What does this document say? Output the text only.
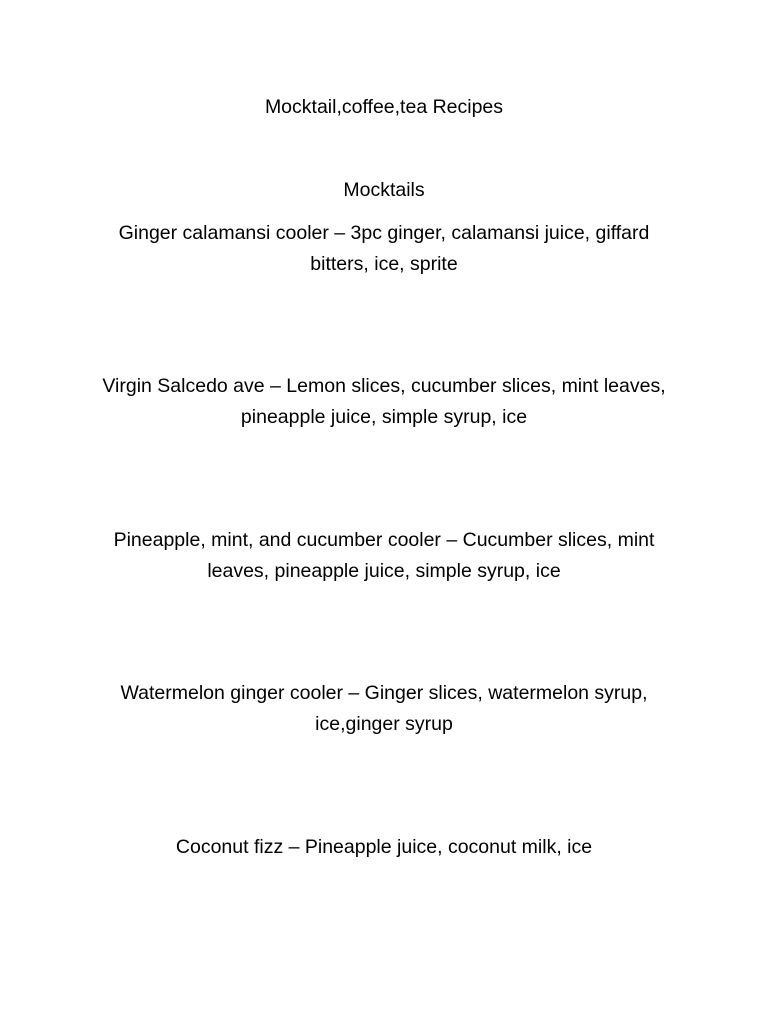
Mocktail,coffee,tea Recipes
Mocktails
Ginger calamansi cooler – 3pc ginger, calamansi juice, giffard
bitters, ice, sprite
Virgin Salcedo ave – Lemon slices, cucumber slices, mint leaves,
pineapple juice, simple syrup, ice
Pineapple, mint, and cucumber cooler – Cucumber slices, mint
leaves, pineapple juice, simple syrup, ice
Watermelon ginger cooler – Ginger slices, watermelon syrup,
ice,ginger syrup
Coconut fizz – Pineapple juice, coconut milk, ice
